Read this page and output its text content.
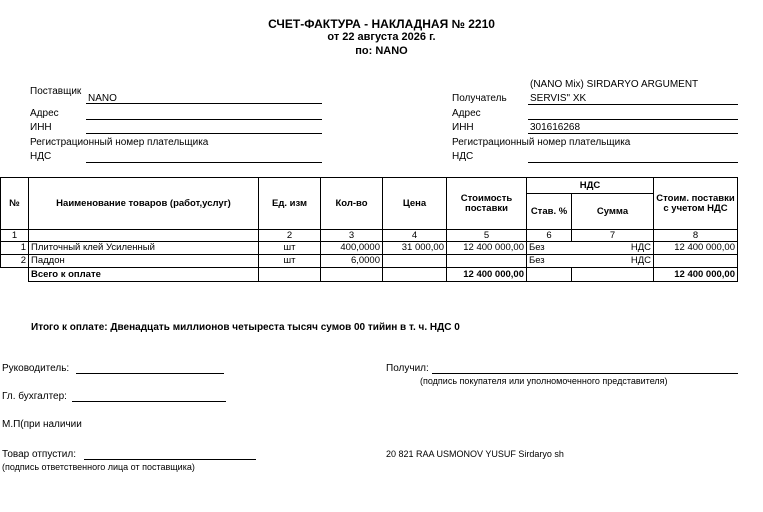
СЧЕТ-ФАКТУРА - НАКЛАДНАЯ № 2210
от 22 августа 2026 г.
по: NANO
Поставщик
NANO
Адрес
ИНН
Регистрационный номер плательщика
НДС
(NANO Mix) SIRDARYO ARGUMENT
Получатель SERVIS" XK
Адрес
ИНН	301616268
Регистрационный номер плательщика
НДС
№	Наименование товаров (работ,услуг)	Ед. изм	Кол-во	Цена	Стоимость поставки	НДС		Стоим. поставки с учетом НДС
						Став. %	Сумма	
1		2	3	4	5	6	7	8
1	Плиточный клей Усиленный	шт	400,0000	31 000,00	12 400 000,00	Без	НДС	12 400 000,00
2	Паддон	шт	6,0000			Без	НДС	
	Всего к оплате				12 400 000,00			12 400 000,00
Итого к оплате: Двенадцать миллионов четыреста тысяч сумов 00 тийин в т. ч. НДС 0
Руководитель:
Гл. бухгалтер:
М.П(при наличии
Товар отпустил:
(подпись ответственного лица от поставщика)
Получил:
(подпись покупателя или уполномоченного представителя)
20 821 RAA USMONOV YUSUF Sirdaryo sh
